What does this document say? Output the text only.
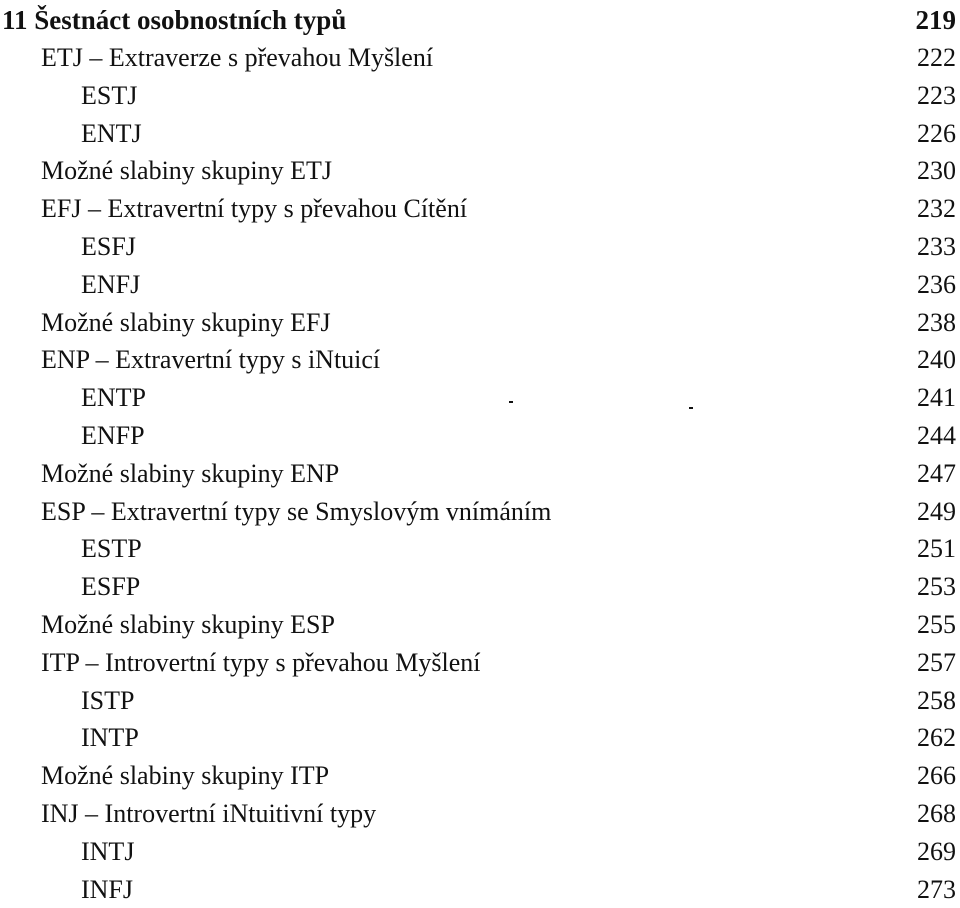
11 Šestnáct osobnostních typů	219
ETJ – Extraverze s převahou Myšlení	222
ESTJ	223
ENTJ	226
Možné slabiny skupiny ETJ	230
EFJ – Extravertní typy s převahou Cítění	232
ESFJ	233
ENFJ	236
Možné slabiny skupiny EFJ	238
ENP – Extravertní typy s iNtuicí	240
ENTP	241
ENFP	244
Možné slabiny skupiny ENP	247
ESP – Extravertní typy se Smyslovým vnímáním	249
ESTP	251
ESFP	253
Možné slabiny skupiny ESP	255
ITP – Introvertní typy s převahou Myšlení	257
ISTP	258
INTP	262
Možné slabiny skupiny ITP	266
INJ – Introvertní iNtuitivní typy	268
INTJ	269
INFJ	273
